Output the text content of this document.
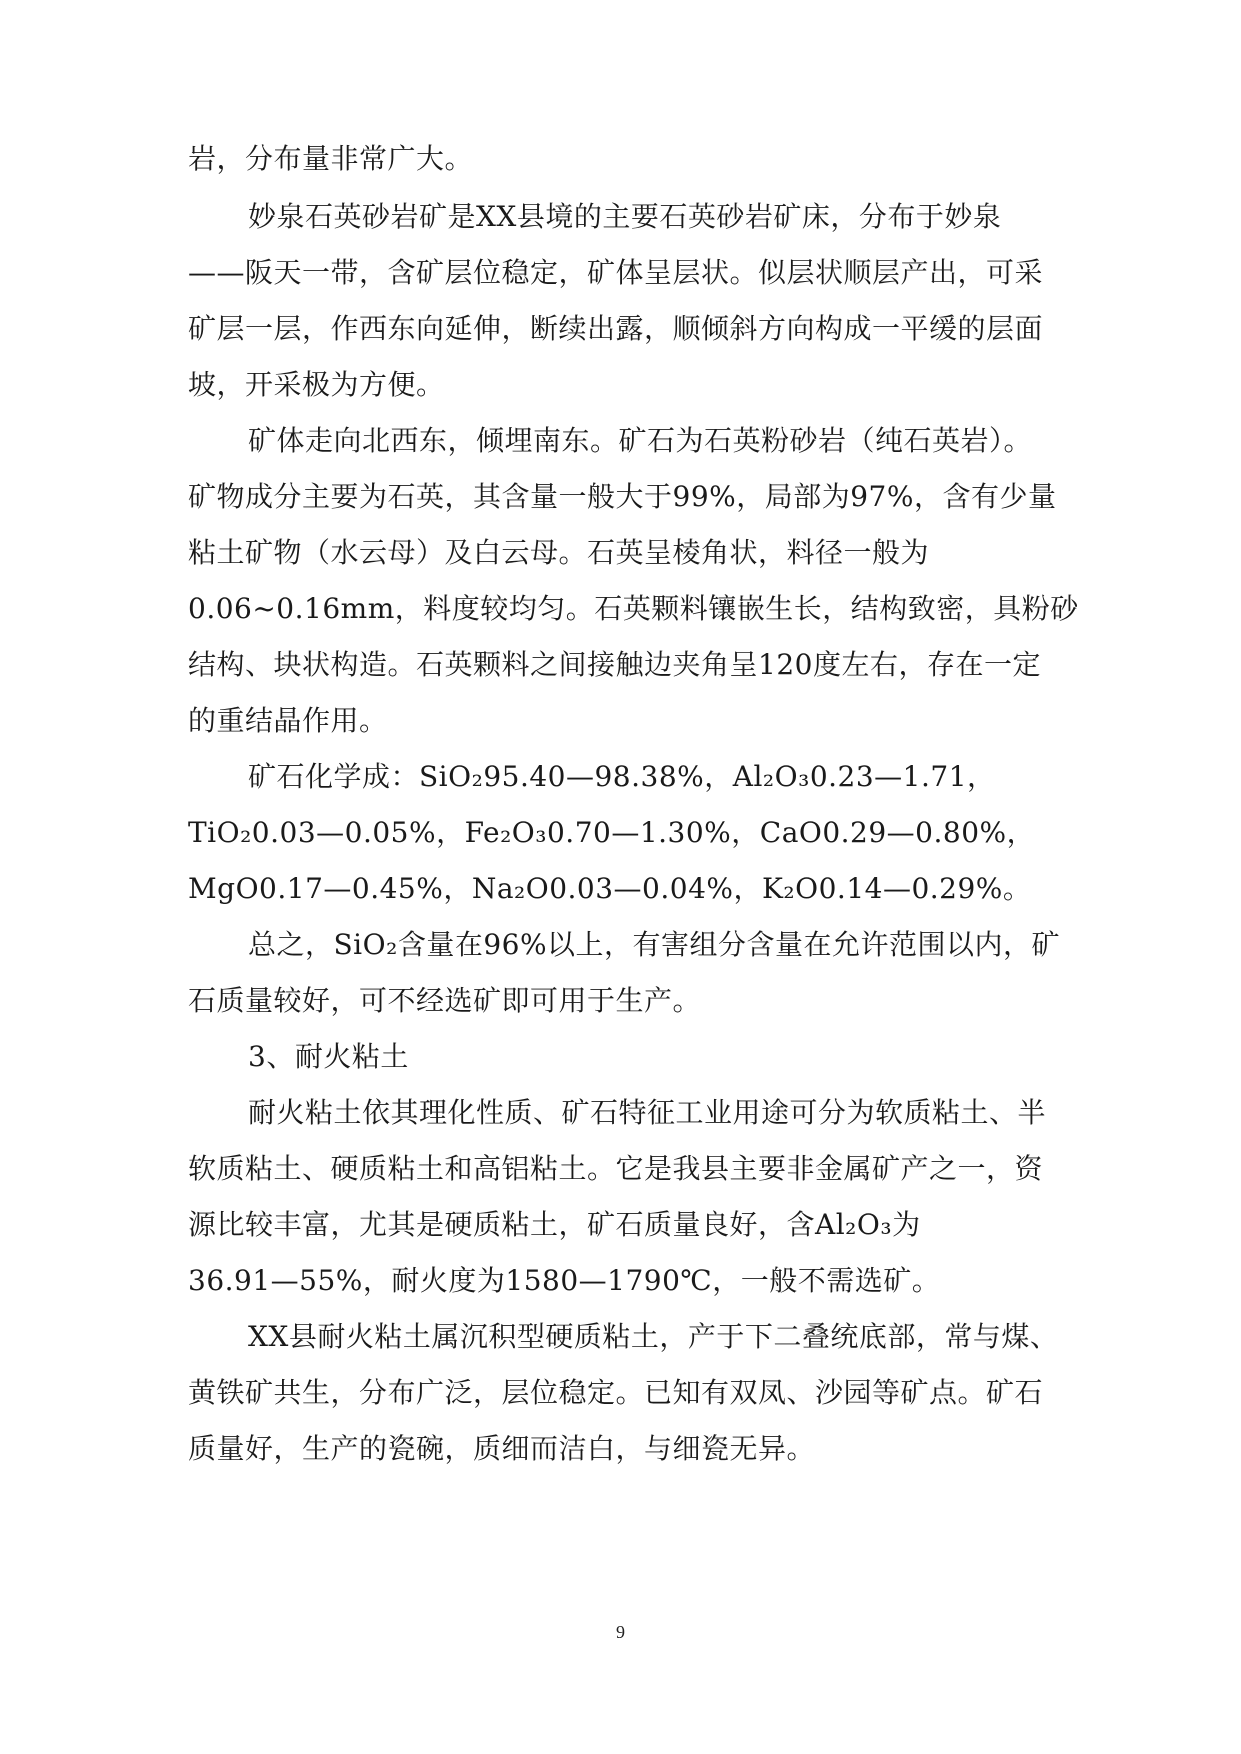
岩，分布量非常广大。
妙泉石英砂岩矿是XX县境的主要石英砂岩矿床，分布于妙泉
——阪天一带，含矿层位稳定，矿体呈层状。似层状顺层产出，可采
矿层一层，作西东向延伸，断续出露，顺倾斜方向构成一平缓的层面
坡，开采极为方便。
矿体走向北西东，倾埋南东。矿石为石英粉砂岩（纯石英岩）。
矿物成分主要为石英，其含量一般大于99%，局部为97%，含有少量
粘土矿物（水云母）及白云母。石英呈棱角状，料径一般为
0.06~0.16mm，料度较均匀。石英颗料镶嵌生长，结构致密，具粉砂
结构、块状构造。石英颗料之间接触边夹角呈120度左右，存在一定
的重结晶作用。
矿石化学成：SiO₂95.40—98.38%，Al₂O₃0.23—1.71，
TiO₂0.03—0.05%，Fe₂O₃0.70—1.30%，CaO0.29—0.80%，
MgO0.17—0.45%，Na₂O0.03—0.04%，K₂O0.14—0.29%。
总之，SiO₂含量在96%以上，有害组分含量在允许范围以内，矿
石质量较好，可不经选矿即可用于生产。
3、耐火粘土
耐火粘土依其理化性质、矿石特征工业用途可分为软质粘土、半
软质粘土、硬质粘土和高铝粘土。它是我县主要非金属矿产之一，资
源比较丰富，尤其是硬质粘土，矿石质量良好，含Al₂O₃为
36.91—55%，耐火度为1580—1790℃，一般不需选矿。
XX县耐火粘土属沉积型硬质粘土，产于下二叠统底部，常与煤、
黄铁矿共生，分布广泛，层位稳定。已知有双凤、沙园等矿点。矿石
质量好，生产的瓷碗，质细而洁白，与细瓷无异。
9
